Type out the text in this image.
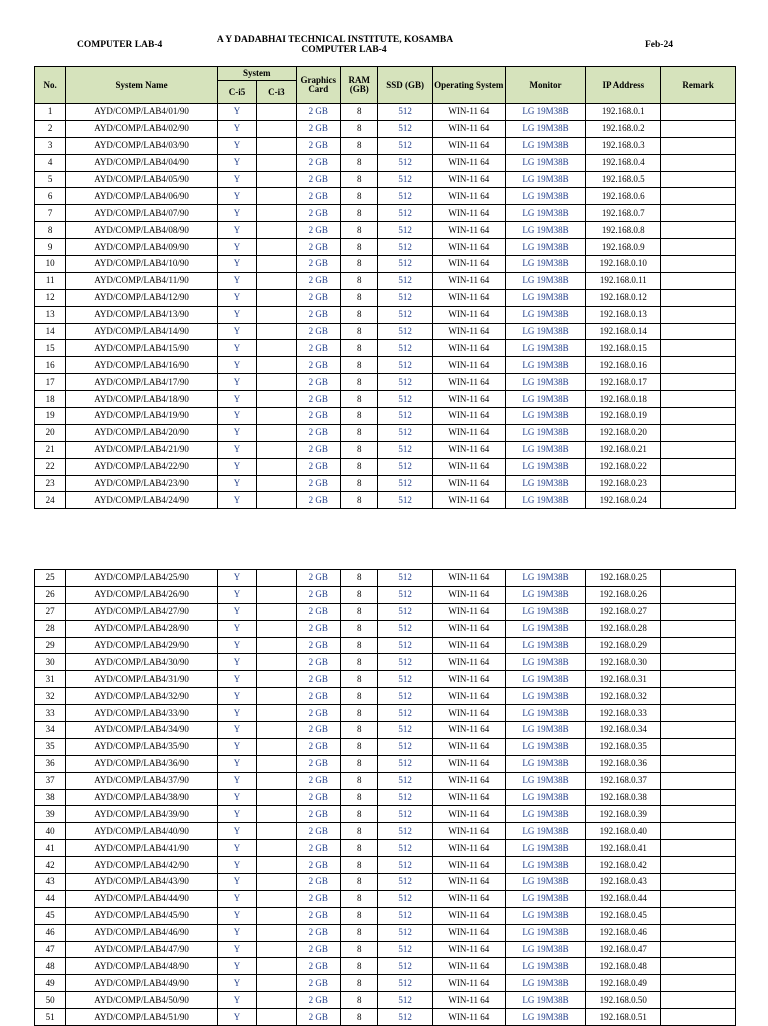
COMPUTER LAB-4	A Y DADABHAI TECHNICAL INSTITUTE, KOSAMBA
COMPUTER LAB-4	Feb-24
No.	System Name	System		Graphics Card	RAM (GB)	SSD (GB)	Operating System	Monitor	IP Address	Remark
		C-i5	C-i3							
1	AYD/COMP/LAB4/01/90	Y		2 GB	8	512	WIN-11 64	LG 19M38B	192.168.0.1	
2	AYD/COMP/LAB4/02/90	Y		2 GB	8	512	WIN-11 64	LG 19M38B	192.168.0.2	
3	AYD/COMP/LAB4/03/90	Y		2 GB	8	512	WIN-11 64	LG 19M38B	192.168.0.3	
4	AYD/COMP/LAB4/04/90	Y		2 GB	8	512	WIN-11 64	LG 19M38B	192.168.0.4	
5	AYD/COMP/LAB4/05/90	Y		2 GB	8	512	WIN-11 64	LG 19M38B	192.168.0.5	
6	AYD/COMP/LAB4/06/90	Y		2 GB	8	512	WIN-11 64	LG 19M38B	192.168.0.6	
7	AYD/COMP/LAB4/07/90	Y		2 GB	8	512	WIN-11 64	LG 19M38B	192.168.0.7	
8	AYD/COMP/LAB4/08/90	Y		2 GB	8	512	WIN-11 64	LG 19M38B	192.168.0.8	
9	AYD/COMP/LAB4/09/90	Y		2 GB	8	512	WIN-11 64	LG 19M38B	192.168.0.9	
10	AYD/COMP/LAB4/10/90	Y		2 GB	8	512	WIN-11 64	LG 19M38B	192.168.0.10	
11	AYD/COMP/LAB4/11/90	Y		2 GB	8	512	WIN-11 64	LG 19M38B	192.168.0.11	
12	AYD/COMP/LAB4/12/90	Y		2 GB	8	512	WIN-11 64	LG 19M38B	192.168.0.12	
13	AYD/COMP/LAB4/13/90	Y		2 GB	8	512	WIN-11 64	LG 19M38B	192.168.0.13	
14	AYD/COMP/LAB4/14/90	Y		2 GB	8	512	WIN-11 64	LG 19M38B	192.168.0.14	
15	AYD/COMP/LAB4/15/90	Y		2 GB	8	512	WIN-11 64	LG 19M38B	192.168.0.15	
16	AYD/COMP/LAB4/16/90	Y		2 GB	8	512	WIN-11 64	LG 19M38B	192.168.0.16	
17	AYD/COMP/LAB4/17/90	Y		2 GB	8	512	WIN-11 64	LG 19M38B	192.168.0.17	
18	AYD/COMP/LAB4/18/90	Y		2 GB	8	512	WIN-11 64	LG 19M38B	192.168.0.18	
19	AYD/COMP/LAB4/19/90	Y		2 GB	8	512	WIN-11 64	LG 19M38B	192.168.0.19	
20	AYD/COMP/LAB4/20/90	Y		2 GB	8	512	WIN-11 64	LG 19M38B	192.168.0.20	
21	AYD/COMP/LAB4/21/90	Y		2 GB	8	512	WIN-11 64	LG 19M38B	192.168.0.21	
22	AYD/COMP/LAB4/22/90	Y		2 GB	8	512	WIN-11 64	LG 19M38B	192.168.0.22	
23	AYD/COMP/LAB4/23/90	Y		2 GB	8	512	WIN-11 64	LG 19M38B	192.168.0.23	
24	AYD/COMP/LAB4/24/90	Y		2 GB	8	512	WIN-11 64	LG 19M38B	192.168.0.24	
25	AYD/COMP/LAB4/25/90	Y		2 GB	8	512	WIN-11 64	LG 19M38B	192.168.0.25	
26	AYD/COMP/LAB4/26/90	Y		2 GB	8	512	WIN-11 64	LG 19M38B	192.168.0.26	
27	AYD/COMP/LAB4/27/90	Y		2 GB	8	512	WIN-11 64	LG 19M38B	192.168.0.27	
28	AYD/COMP/LAB4/28/90	Y		2 GB	8	512	WIN-11 64	LG 19M38B	192.168.0.28	
29	AYD/COMP/LAB4/29/90	Y		2 GB	8	512	WIN-11 64	LG 19M38B	192.168.0.29	
30	AYD/COMP/LAB4/30/90	Y		2 GB	8	512	WIN-11 64	LG 19M38B	192.168.0.30	
31	AYD/COMP/LAB4/31/90	Y		2 GB	8	512	WIN-11 64	LG 19M38B	192.168.0.31	
32	AYD/COMP/LAB4/32/90	Y		2 GB	8	512	WIN-11 64	LG 19M38B	192.168.0.32	
33	AYD/COMP/LAB4/33/90	Y		2 GB	8	512	WIN-11 64	LG 19M38B	192.168.0.33	
34	AYD/COMP/LAB4/34/90	Y		2 GB	8	512	WIN-11 64	LG 19M38B	192.168.0.34	
35	AYD/COMP/LAB4/35/90	Y		2 GB	8	512	WIN-11 64	LG 19M38B	192.168.0.35	
36	AYD/COMP/LAB4/36/90	Y		2 GB	8	512	WIN-11 64	LG 19M38B	192.168.0.36	
37	AYD/COMP/LAB4/37/90	Y		2 GB	8	512	WIN-11 64	LG 19M38B	192.168.0.37	
38	AYD/COMP/LAB4/38/90	Y		2 GB	8	512	WIN-11 64	LG 19M38B	192.168.0.38	
39	AYD/COMP/LAB4/39/90	Y		2 GB	8	512	WIN-11 64	LG 19M38B	192.168.0.39	
40	AYD/COMP/LAB4/40/90	Y		2 GB	8	512	WIN-11 64	LG 19M38B	192.168.0.40	
41	AYD/COMP/LAB4/41/90	Y		2 GB	8	512	WIN-11 64	LG 19M38B	192.168.0.41	
42	AYD/COMP/LAB4/42/90	Y		2 GB	8	512	WIN-11 64	LG 19M38B	192.168.0.42	
43	AYD/COMP/LAB4/43/90	Y		2 GB	8	512	WIN-11 64	LG 19M38B	192.168.0.43	
44	AYD/COMP/LAB4/44/90	Y		2 GB	8	512	WIN-11 64	LG 19M38B	192.168.0.44	
45	AYD/COMP/LAB4/45/90	Y		2 GB	8	512	WIN-11 64	LG 19M38B	192.168.0.45	
46	AYD/COMP/LAB4/46/90	Y		2 GB	8	512	WIN-11 64	LG 19M38B	192.168.0.46	
47	AYD/COMP/LAB4/47/90	Y		2 GB	8	512	WIN-11 64	LG 19M38B	192.168.0.47	
48	AYD/COMP/LAB4/48/90	Y		2 GB	8	512	WIN-11 64	LG 19M38B	192.168.0.48	
49	AYD/COMP/LAB4/49/90	Y		2 GB	8	512	WIN-11 64	LG 19M38B	192.168.0.49	
50	AYD/COMP/LAB4/50/90	Y		2 GB	8	512	WIN-11 64	LG 19M38B	192.168.0.50	
51	AYD/COMP/LAB4/51/90	Y		2 GB	8	512	WIN-11 64	LG 19M38B	192.168.0.51	
